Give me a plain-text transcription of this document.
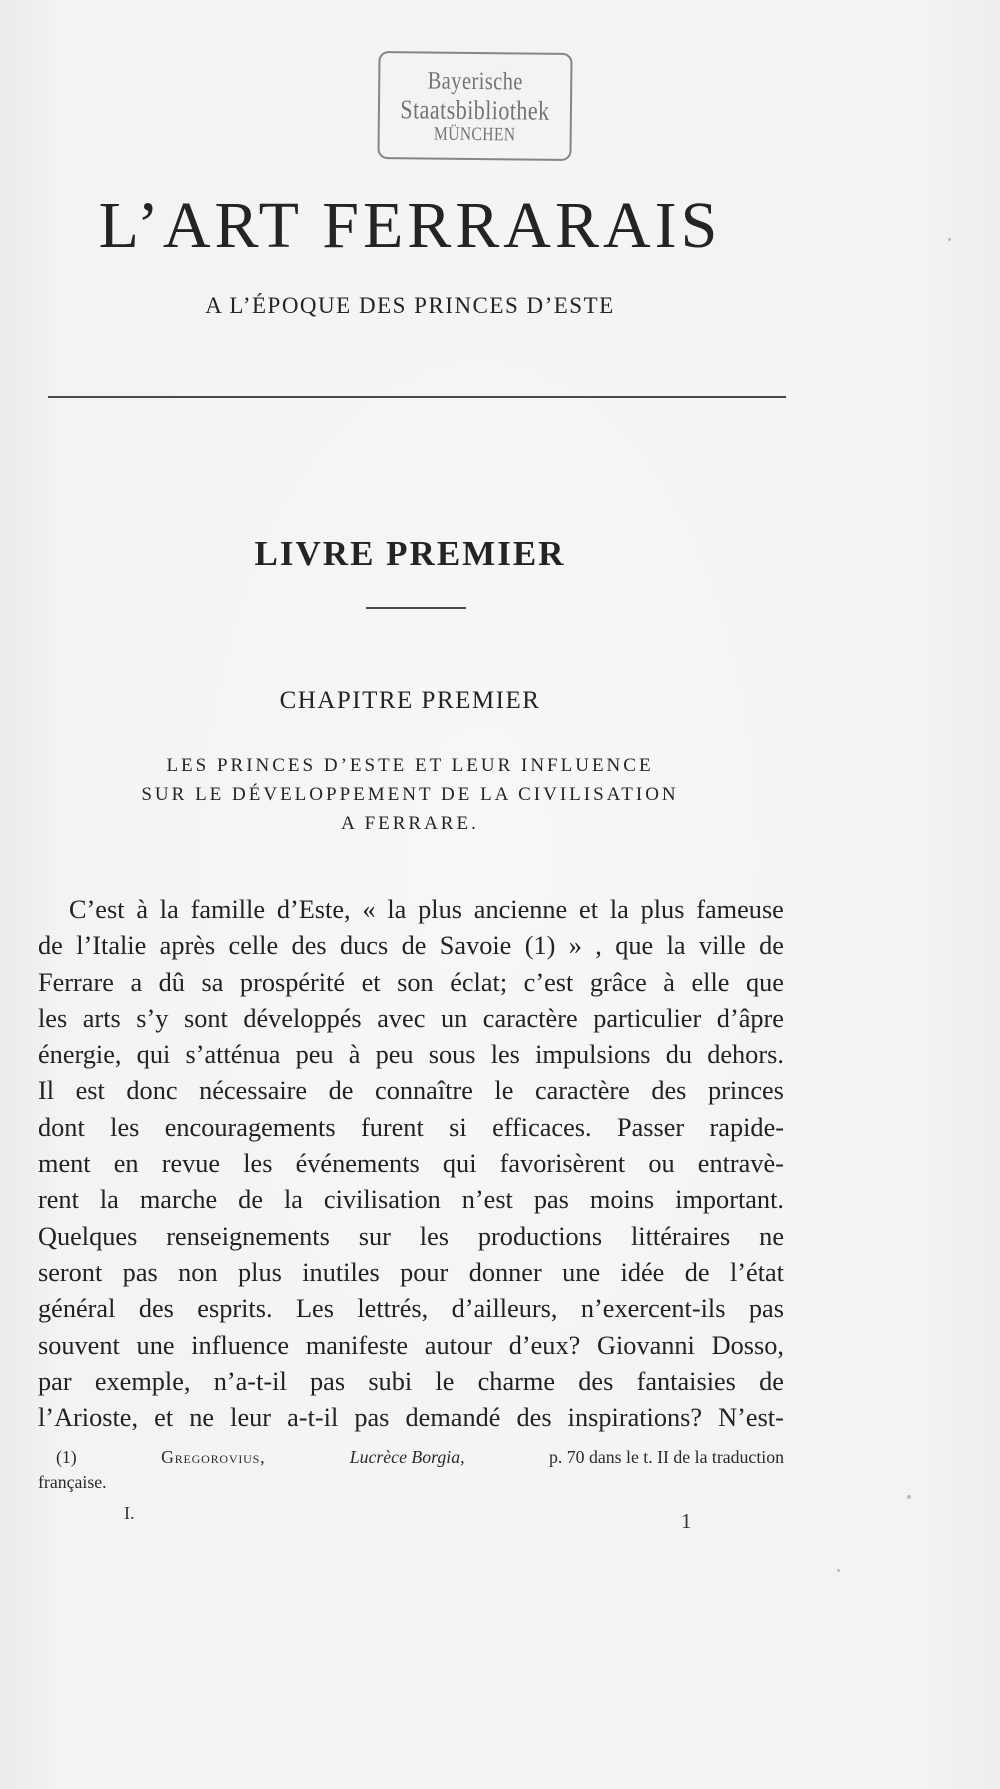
Bayerische
Staatsbibliothek
MÜNCHEN
L’ART FERRARAIS
A L’ÉPOQUE DES PRINCES D’ESTE
LIVRE PREMIER
CHAPITRE PREMIER
LES PRINCES D’ESTE ET LEUR INFLUENCE
SUR LE DÉVELOPPEMENT DE LA CIVILISATION
A FERRARE.
C’est à la famille d’Este, « la plus ancienne et la plus fameuse
de l’Italie après celle des ducs de Savoie (1) » , que la ville de
Ferrare a dû sa prospérité et son éclat; c’est grâce à elle que
les arts s’y sont développés avec un caractère particulier d’âpre
énergie, qui s’atténua peu à peu sous les impulsions du dehors.
Il est donc nécessaire de connaître le caractère des princes
dont les encouragements furent si efficaces. Passer rapide-
ment en revue les événements qui favorisèrent ou entravè-
rent la marche de la civilisation n’est pas moins important.
Quelques renseignements sur les productions littéraires ne
seront pas non plus inutiles pour donner une idée de l’état
général des esprits. Les lettrés, d’ailleurs, n’exercent-ils pas
souvent une influence manifeste autour d’eux? Giovanni Dosso,
par exemple, n’a-t-il pas subi le charme des fantaisies de
l’Arioste, et ne leur a-t-il pas demandé des inspirations? N’est-
(1)	Gregorovius,	Lucrèce Borgia,	p. 70 dans le t. II de la traduction
française.
I.	1
